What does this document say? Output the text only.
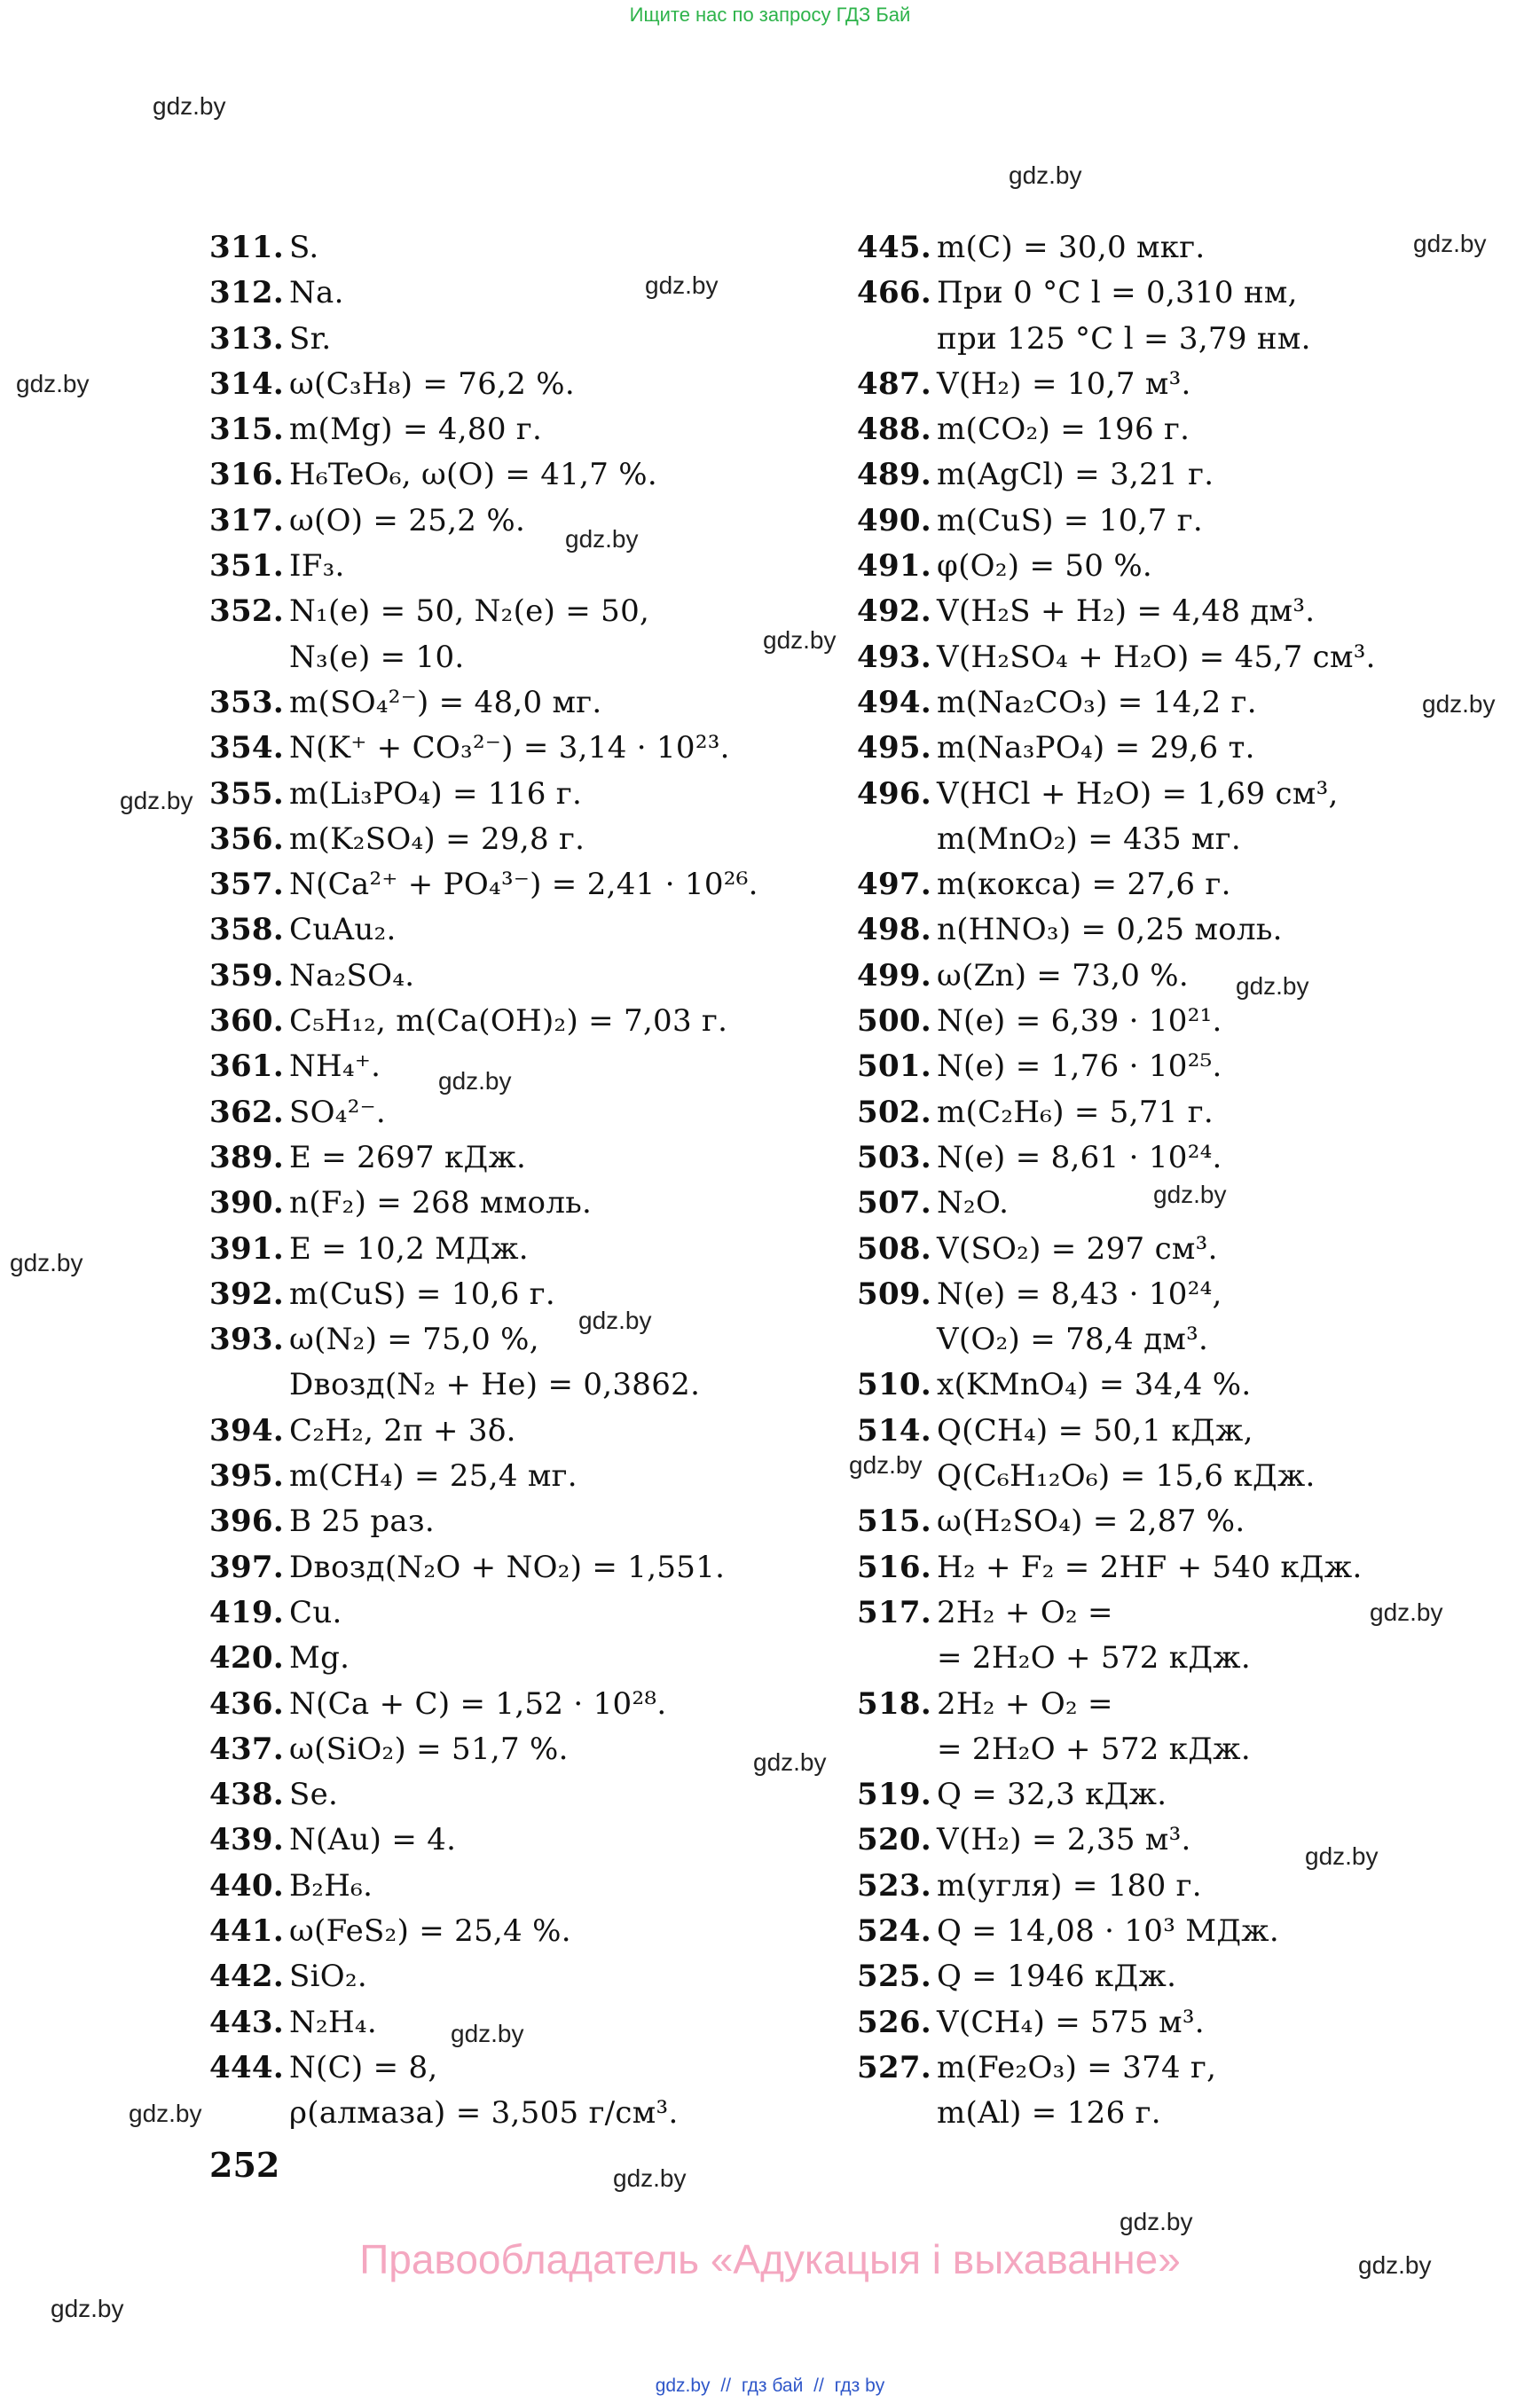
Ищите нас по запросу ГДЗ Бай
311. S.
312. Na.
313. Sr.
314. ω(C₃H₈) = 76,2 %.
315. m(Mg) = 4,80 г.
316. H₆TeO₆, ω(O) = 41,7 %.
317. ω(O) = 25,2 %.
351. IF₃.
352. N₁(e) = 50, N₂(e) = 50,
N₃(e) = 10.
353. m(SO₄²⁻) = 48,0 мг.
354. N(K⁺ + CO₃²⁻) = 3,14 · 10²³.
355. m(Li₃PO₄) = 116 г.
356. m(K₂SO₄) = 29,8 г.
357. N(Ca²⁺ + PO₄³⁻) = 2,41 · 10²⁶.
358. CuAu₂.
359. Na₂SO₄.
360. C₅H₁₂, m(Ca(OH)₂) = 7,03 г.
361. NH₄⁺.
362. SO₄²⁻.
389. E = 2697 кДж.
390. n(F₂) = 268 ммоль.
391. E = 10,2 МДж.
392. m(CuS) = 10,6 г.
393. ω(N₂) = 75,0 %,
Dвозд(N₂ + He) = 0,3862.
394. C₂H₂, 2π + 3δ.
395. m(CH₄) = 25,4 мг.
396. В 25 раз.
397. Dвозд(N₂O + NO₂) = 1,551.
419. Cu.
420. Mg.
436. N(Ca + C) = 1,52 · 10²⁸.
437. ω(SiO₂) = 51,7 %.
438. Se.
439. N(Au) = 4.
440. B₂H₆.
441. ω(FeS₂) = 25,4 %.
442. SiO₂.
443. N₂H₄.
444. N(C) = 8,
ρ(алмаза) = 3,505 г/см³.
445. m(C) = 30,0 мкг.
466. При 0 °C l = 0,310 нм,
при 125 °C l = 3,79 нм.
487. V(H₂) = 10,7 м³.
488. m(CO₂) = 196 г.
489. m(AgCl) = 3,21 г.
490. m(CuS) = 10,7 г.
491. φ(O₂) = 50 %.
492. V(H₂S + H₂) = 4,48 дм³.
493. V(H₂SO₄ + H₂O) = 45,7 см³.
494. m(Na₂CO₃) = 14,2 г.
495. m(Na₃PO₄) = 29,6 т.
496. V(HCl + H₂O) = 1,69 см³,
m(MnO₂) = 435 мг.
497. m(кокса) = 27,6 г.
498. n(HNO₃) = 0,25 моль.
499. ω(Zn) = 73,0 %.
500. N(e) = 6,39 · 10²¹.
501. N(e) = 1,76 · 10²⁵.
502. m(C₂H₆) = 5,71 г.
503. N(e) = 8,61 · 10²⁴.
507. N₂O.
508. V(SO₂) = 297 см³.
509. N(e) = 8,43 · 10²⁴,
V(O₂) = 78,4 дм³.
510. x(KMnO₄) = 34,4 %.
514. Q(CH₄) = 50,1 кДж,
Q(C₆H₁₂O₆) = 15,6 кДж.
515. ω(H₂SO₄) = 2,87 %.
516. H₂ + F₂ = 2HF + 540 кДж.
517. 2H₂ + O₂ =
= 2H₂O + 572 кДж.
518. 2H₂ + O₂ =
= 2H₂O + 572 кДж.
519. Q = 32,3 кДж.
520. V(H₂) = 2,35 м³.
523. m(угля) = 180 г.
524. Q = 14,08 · 10³ МДж.
525. Q = 1946 кДж.
526. V(CH₄) = 575 м³.
527. m(Fe₂O₃) = 374 г,
m(Al) = 126 г.
252
Правообладатель «Адукацыя і выхаванне»
gdz.by
gdz.by
gdz.by
gdz.by
gdz.by
gdz.by
gdz.by
gdz.by
gdz.by
gdz.by
gdz.by
gdz.by
gdz.by
gdz.by
gdz.by
gdz.by
gdz.by
gdz.by
gdz.by
gdz.by
gdz.by
gdz.by
gdz.by
gdz.by
gdz.by // гдз бай // гдз by
